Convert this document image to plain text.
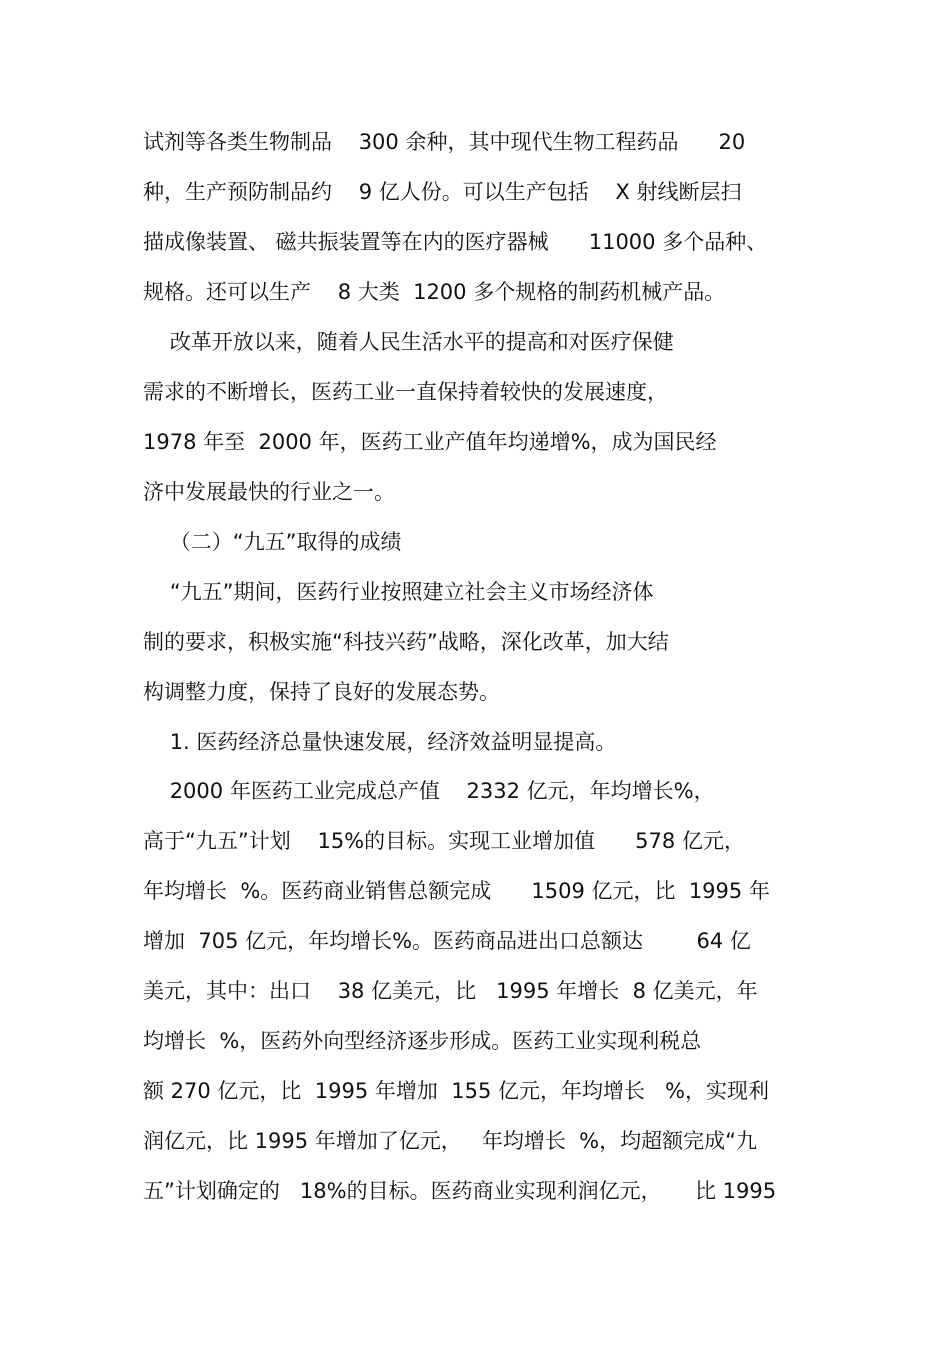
试剂等各类生物制品    300 余种，其中现代生物工程药品      20
种，生产预防制品约    9 亿人份。可以生产包括    X 射线断层扫
描成像装置、 磁共振装置等在内的医疗器械      11000 多个品种、
规格。还可以生产    8 大类  1200 多个规格的制药机械产品。
改革开放以来，随着人民生活水平的提高和对医疗保健
需求的不断增长，医药工业一直保持着较快的发展速度，
1978 年至  2000 年，医药工业产值年均递增%，成为国民经
济中发展最快的行业之一。
（二）“九五”取得的成绩
“九五”期间，医药行业按照建立社会主义市场经济体
制的要求，积极实施“科技兴药”战略，深化改革，加大结
构调整力度，保持了良好的发展态势。
1. 医药经济总量快速发展，经济效益明显提高。
2000 年医药工业完成总产值    2332 亿元，年均增长%，
高于“九五”计划    15%的目标。实现工业增加值      578 亿元，
年均增长  %。医药商业销售总额完成      1509 亿元，比  1995 年
增加  705 亿元，年均增长%。医药商品进出口总额达        64 亿
美元，其中：出口    38 亿美元，比   1995 年增长  8 亿美元，年
均增长  %，医药外向型经济逐步形成。医药工业实现利税总
额 270 亿元，比  1995 年增加  155 亿元，年均增长   %，实现利
润亿元，比 1995 年增加了亿元，   年均增长  %，均超额完成“九
五”计划确定的   18%的目标。医药商业实现利润亿元，     比 1995
